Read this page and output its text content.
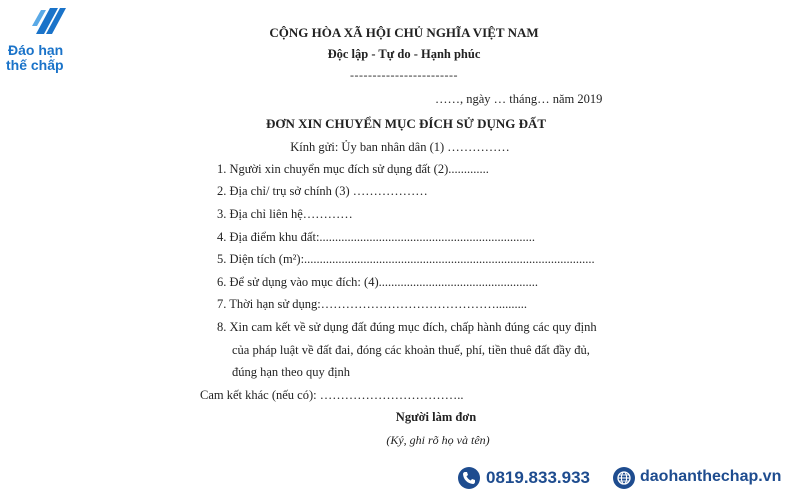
Đáo hạn
thế chấp
CỘNG HÒA XÃ HỘI CHỦ NGHĨA VIỆT NAM
Độc lập - Tự do - Hạnh phúc
------------------------
……, ngày … tháng… năm 2019
ĐƠN XIN CHUYỂN MỤC ĐÍCH SỬ DỤNG ĐẤT
Kính gửi: Ủy ban nhân dân (1) ……………
1. Người xin chuyển mục đích sử dụng đất (2).............
2. Địa chỉ/ trụ sở chính (3) ………………
3. Địa chỉ liên hệ…………
4. Địa điểm khu đất:.....................................................................
5. Diện tích (m²):.............................................................................................
6. Để sử dụng vào mục đích: (4)...................................................
7. Thời hạn sử dụng:……………………………………..........
8. Xin cam kết về sử dụng đất đúng mục đích, chấp hành đúng các quy định
của pháp luật về đất đai, đóng các khoản thuế, phí, tiền thuê đất đầy đủ,
đúng hạn theo quy định
Cam kết khác (nếu có): ……………………………..
Người làm đơn
(Ký, ghi rõ họ và tên)
0819.833.933	daohanthechap.vn
